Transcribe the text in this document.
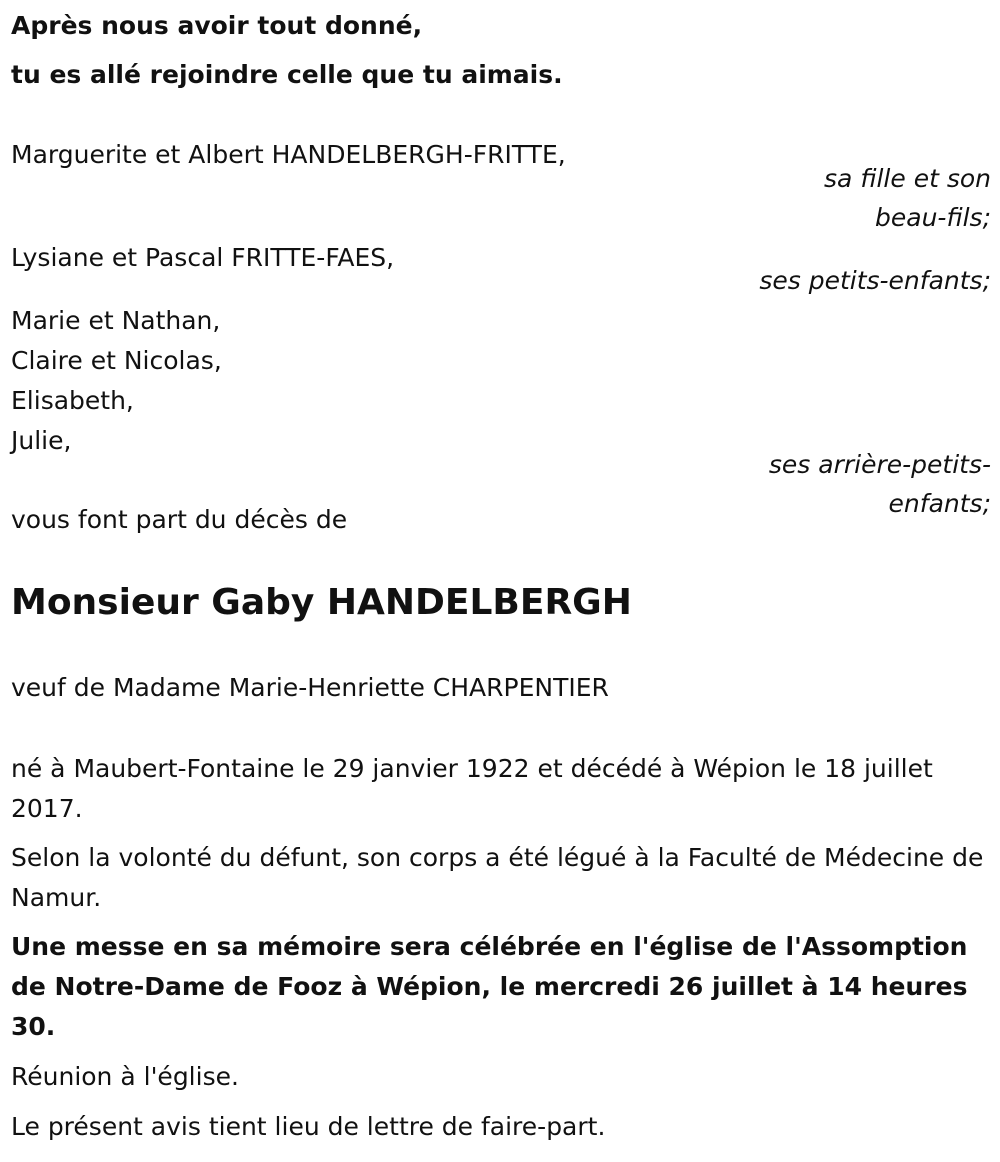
Après nous avoir tout donné,
tu es allé rejoindre celle que tu aimais.
Marguerite et Albert HANDELBERGH-FRITTE,
sa fille et son
beau-fils;
Lysiane et Pascal FRITTE-FAES,
ses petits-enfants;
Marie et Nathan,
Claire et Nicolas,
Elisabeth,
Julie,
ses arrière-petits-
enfants;
vous font part du décès de
Monsieur Gaby HANDELBERGH
veuf de Madame Marie-Henriette CHARPENTIER
né à Maubert-Fontaine le 29 janvier 1922 et décédé à Wépion le 18 juillet 2017.
Selon la volonté du défunt, son corps a été légué à la Faculté de Médecine de Namur.
Une messe en sa mémoire sera célébrée en l'église de l'Assomption de Notre-Dame de Fooz à Wépion, le mercredi 26 juillet à 14 heures 30.
Réunion à l'église.
Le présent avis tient lieu de lettre de faire-part.
